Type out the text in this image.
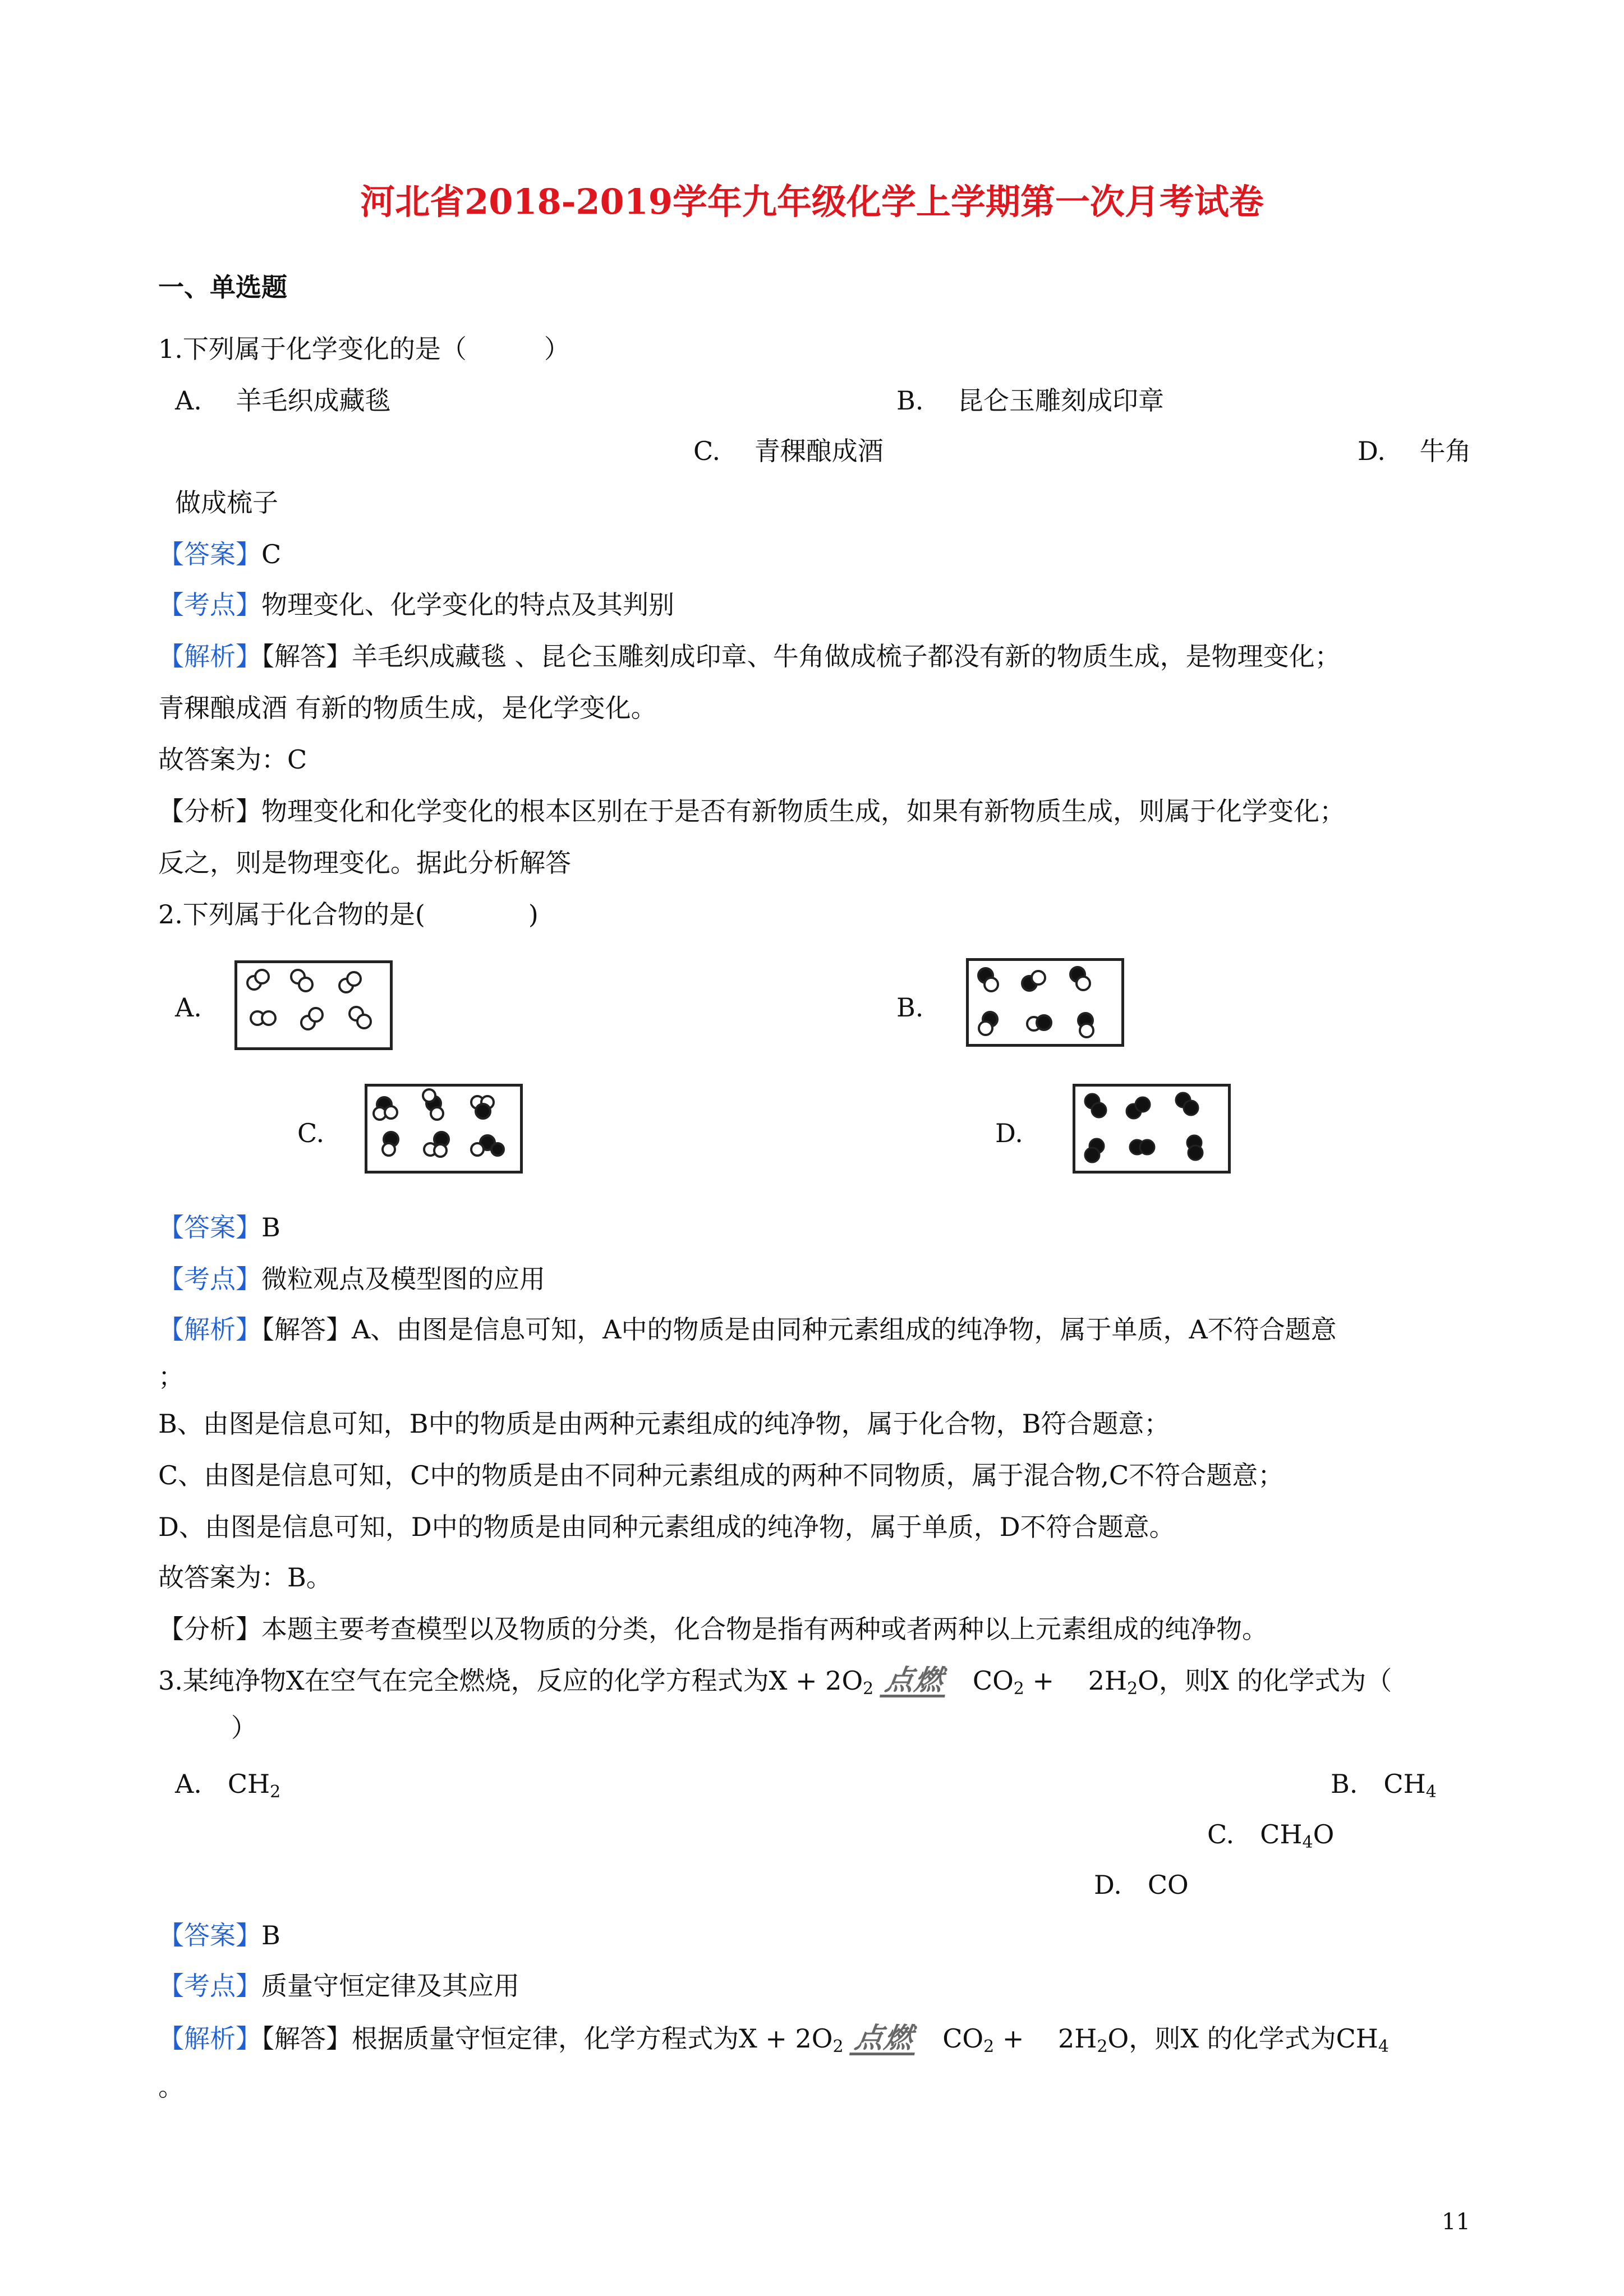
河北省2018-2019学年九年级化学上学期第一次月考试卷
一、单选题
1.下列属于化学变化的是（　　　）
A.　 羊毛织成藏毯	B.　 昆仑玉雕刻成印章
C.　 青稞酿成酒	D.　 牛角
做成梳子
【答案】C
【考点】物理变化、化学变化的特点及其判别
【解析】【解答】羊毛织成藏毯 、昆仑玉雕刻成印章、牛角做成梳子都没有新的物质生成，是物理变化；
青稞酿成酒 有新的物质生成，是化学变化。
故答案为：C
【分析】物理变化和化学变化的根本区别在于是否有新物质生成，如果有新物质生成，则属于化学变化；
反之，则是物理变化。据此分析解答
2.下列属于化合物的是(　　　　)
A.	B.
C.	D.
【答案】B
【考点】微粒观点及模型图的应用
【解析】【解答】A、由图是信息可知，A中的物质是由同种元素组成的纯净物，属于单质，A不符合题意
；
B、由图是信息可知，B中的物质是由两种元素组成的纯净物，属于化合物，B符合题意；
C、由图是信息可知，C中的物质是由不同种元素组成的两种不同物质，属于混合物,C不符合题意；
D、由图是信息可知，D中的物质是由同种元素组成的纯净物，属于单质，D不符合题意。
故答案为：B。
【分析】本题主要考查模型以及物质的分类，化合物是指有两种或者两种以上元素组成的纯净物。
3.某纯净物X在空气在完全燃烧，反应的化学方程式为$X + 2O_2$ 点燃　 $CO_2$ +　 $2H_2O$，则X 的化学式为（
）
A.　$CH_2$	B.　$CH_4$
C.　$CH_4O$
D.　CO
【答案】B
【考点】质量守恒定律及其应用
【解析】【解答】根据质量守恒定律，化学方程式为$X + 2O_2$ 点燃　 $CO_2$ +　 $2H_2O$，则X 的化学式为$CH_4$
。
11
